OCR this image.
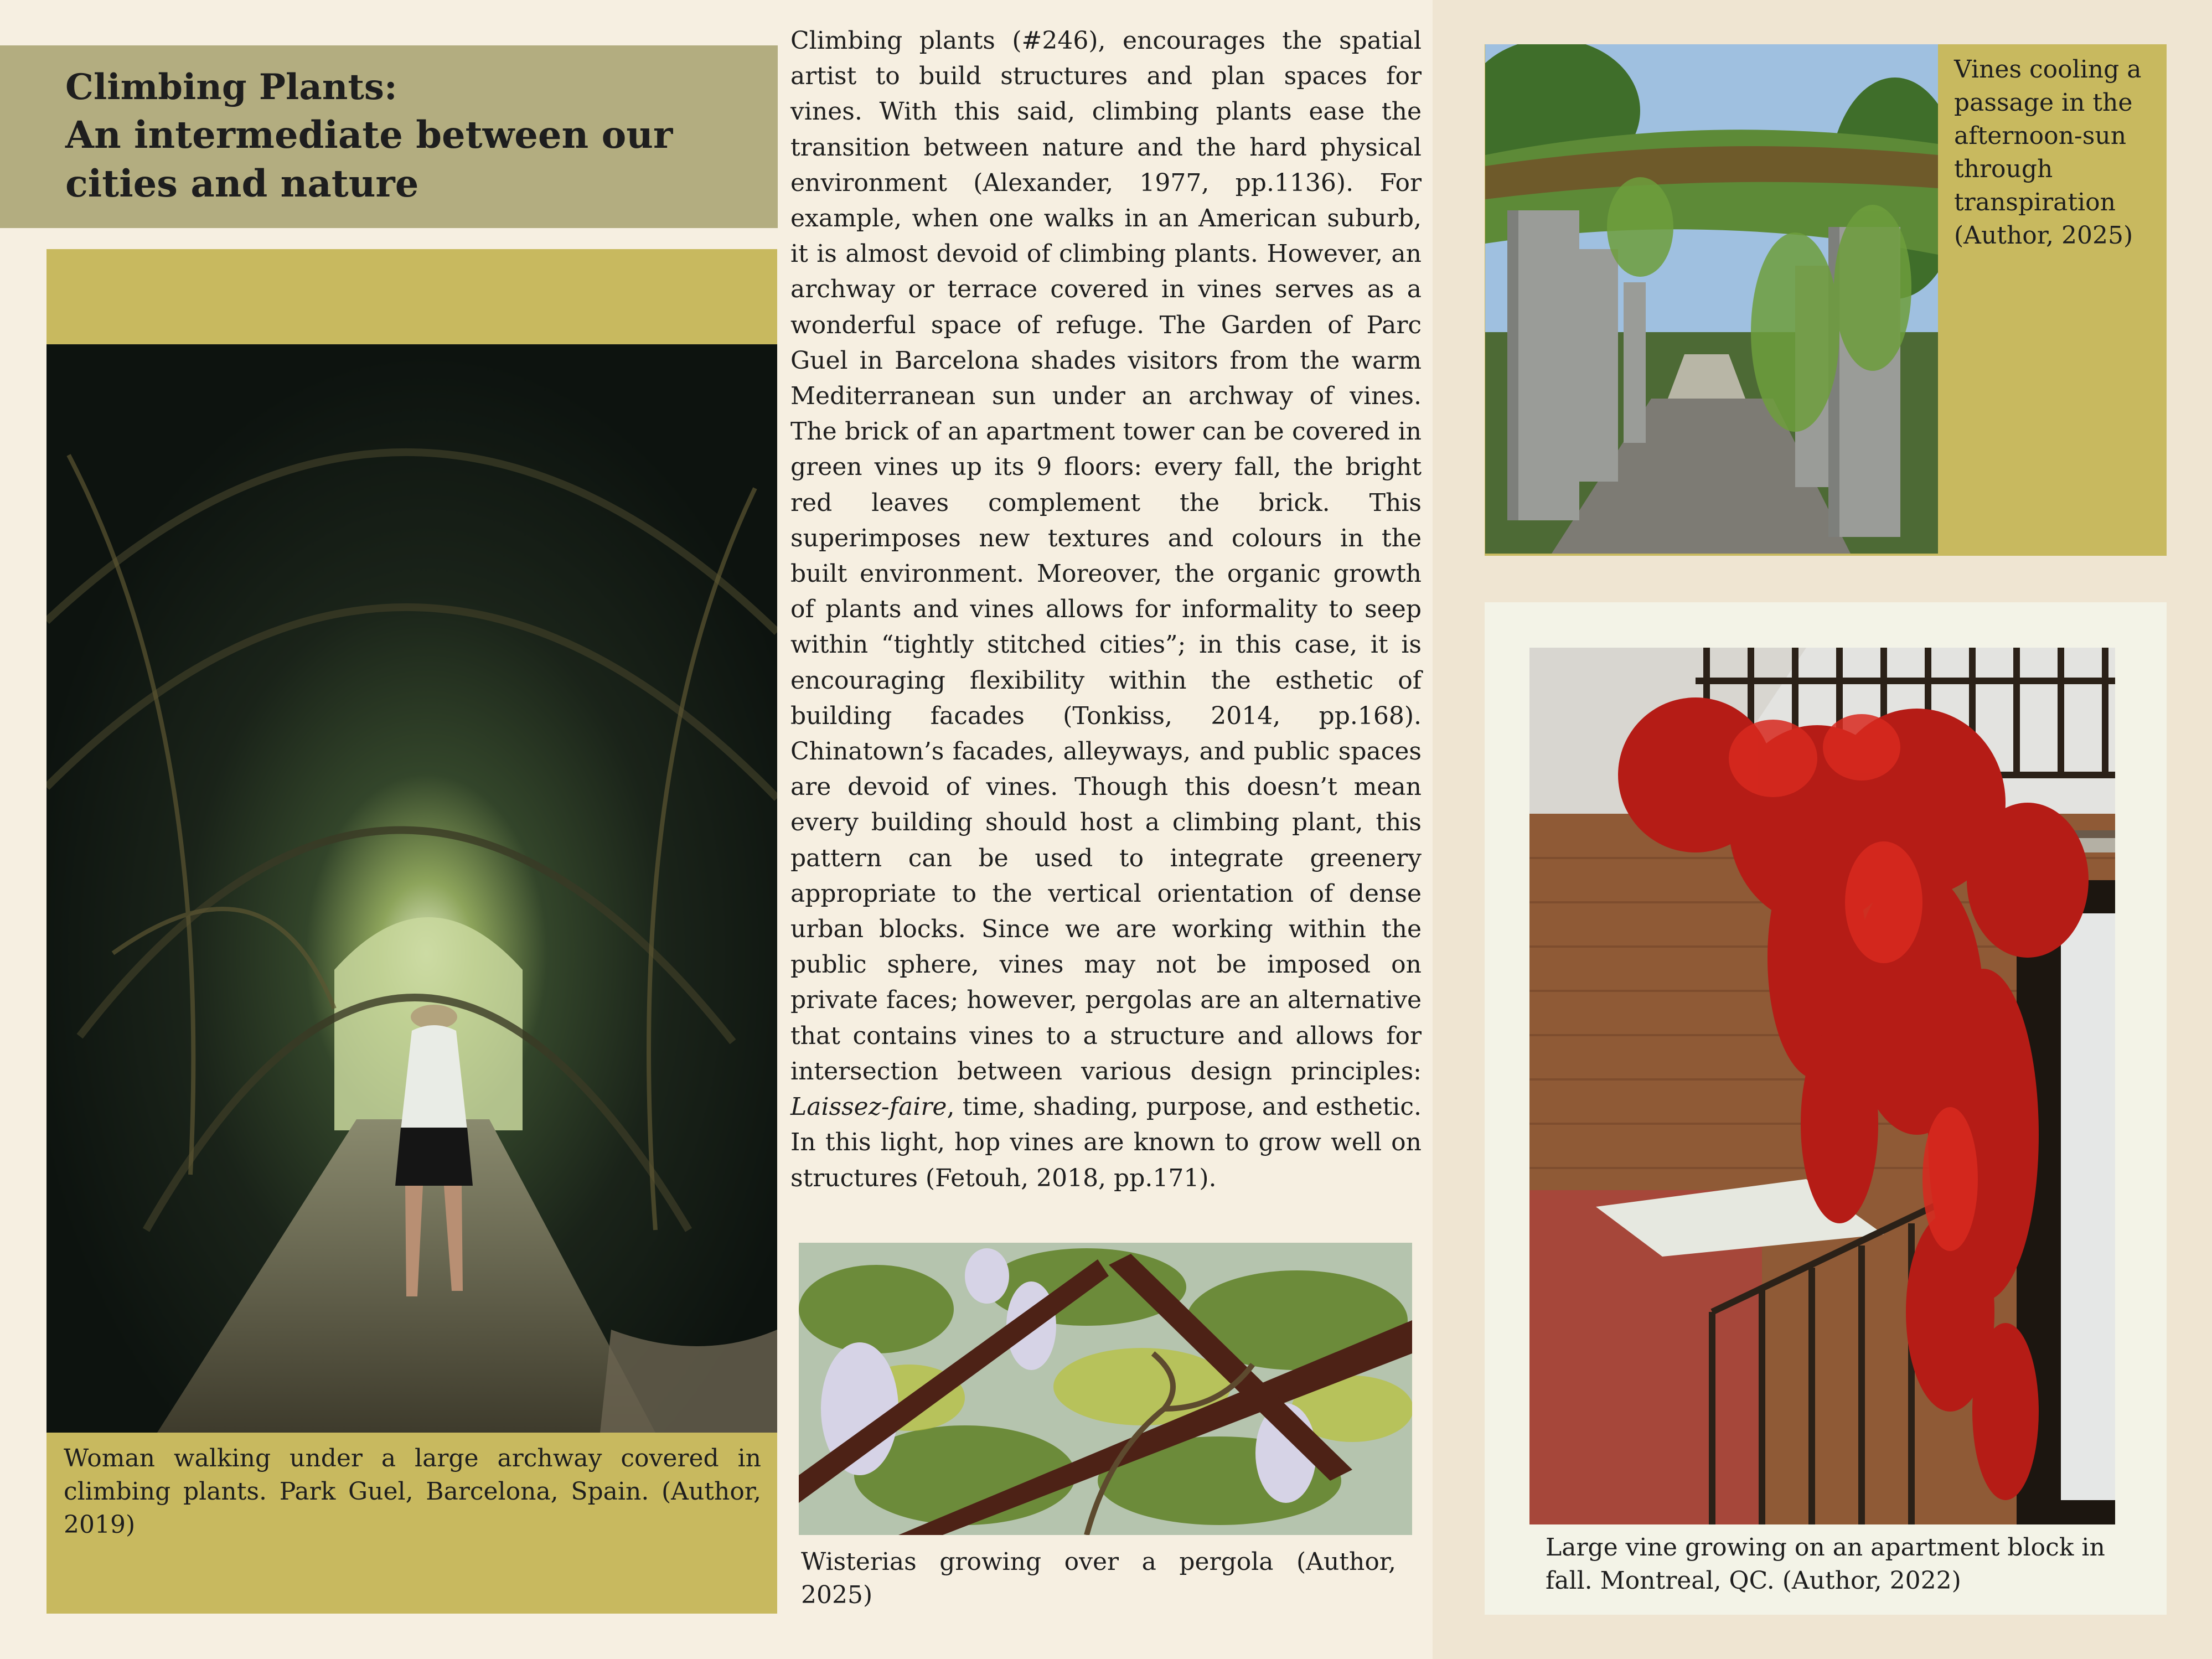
Climbing Plants:
An intermediate between our cities and nature

Woman walking under a large archway covered in climbing plants. Park Guel, Barcelona, Spain. (Author, 2019)

Climbing plants (#246), encourages the spatial artist to build structures and plan spaces for vines. With this said, climbing plants ease the transition between nature and the hard physical environment (Alexander, 1977, pp.1136). For example, when one walks in an American suburb, it is almost devoid of climbing plants. However, an archway or terrace covered in vines serves as a wonderful space of refuge. The Garden of Parc Guel in Barcelona shades visitors from the warm Mediterranean sun under an archway of vines. The brick of an apartment tower can be covered in green vines up its 9 floors: every fall, the bright red leaves complement the brick. This superimposes new textures and colours in the built environment. Moreover, the organic growth of plants and vines allows for informality to seep within “tightly stitched cities”; in this case, it is encouraging flexibility within the esthetic of building facades (Tonkiss, 2014, pp.168). Chinatown’s facades, alleyways, and public spaces are devoid of vines. Though this doesn’t mean every building should host a climbing plant, this pattern can be used to integrate greenery appropriate to the vertical orientation of dense urban blocks. Since we are working within the public sphere, vines may not be imposed on private faces; however, pergolas are an alternative that contains vines to a structure and allows for intersection between various design principles: Laissez-faire, time, shading, purpose, and esthetic. In this light, hop vines are known to grow well on structures (Fetouh, 2018, pp.171).

Wisterias growing over a pergola (Author, 2025)

Vines cooling a passage in the afternoon-sun through transpiration (Author, 2025)

Large vine growing on an apartment block in fall. Montreal, QC. (Author, 2022)
